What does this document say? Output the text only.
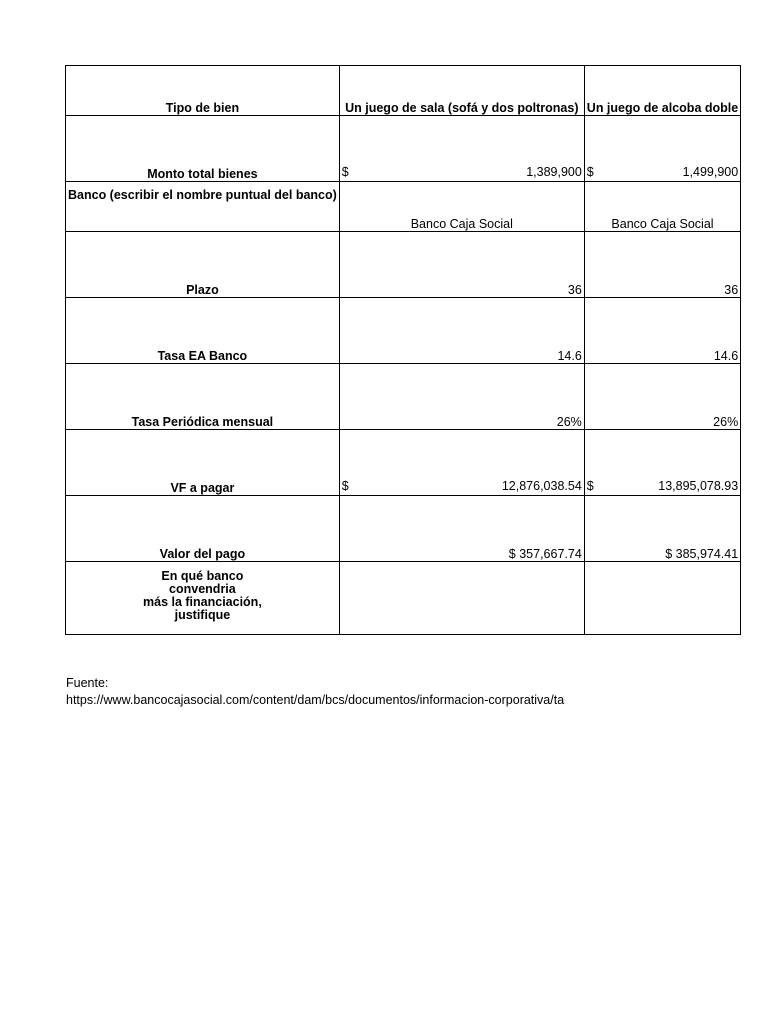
Tipo de bien	Un juego de sala (sofá y dos poltronas)	Un juego de alcoba doble
Monto total bienes	$ 1,389,900	$ 1,499,900

Banco (escribir el nombre puntual del banco)	Banco Caja Social	Banco Caja Social
Plazo	36	36
Tasa EA Banco	14.6	14.6
Tasa Periódica mensual	26%	26%
VF a pagar	$ 12,876,038.54	$ 13,895,078.93

Valor del pago	$ 357,667.74	$ 385,974.41

En qué banco
convendria
más la financiación,
justifique		

Fuente:
https://www.bancocajasocial.com/content/dam/bcs/documentos/informacion-corporativa/ta
